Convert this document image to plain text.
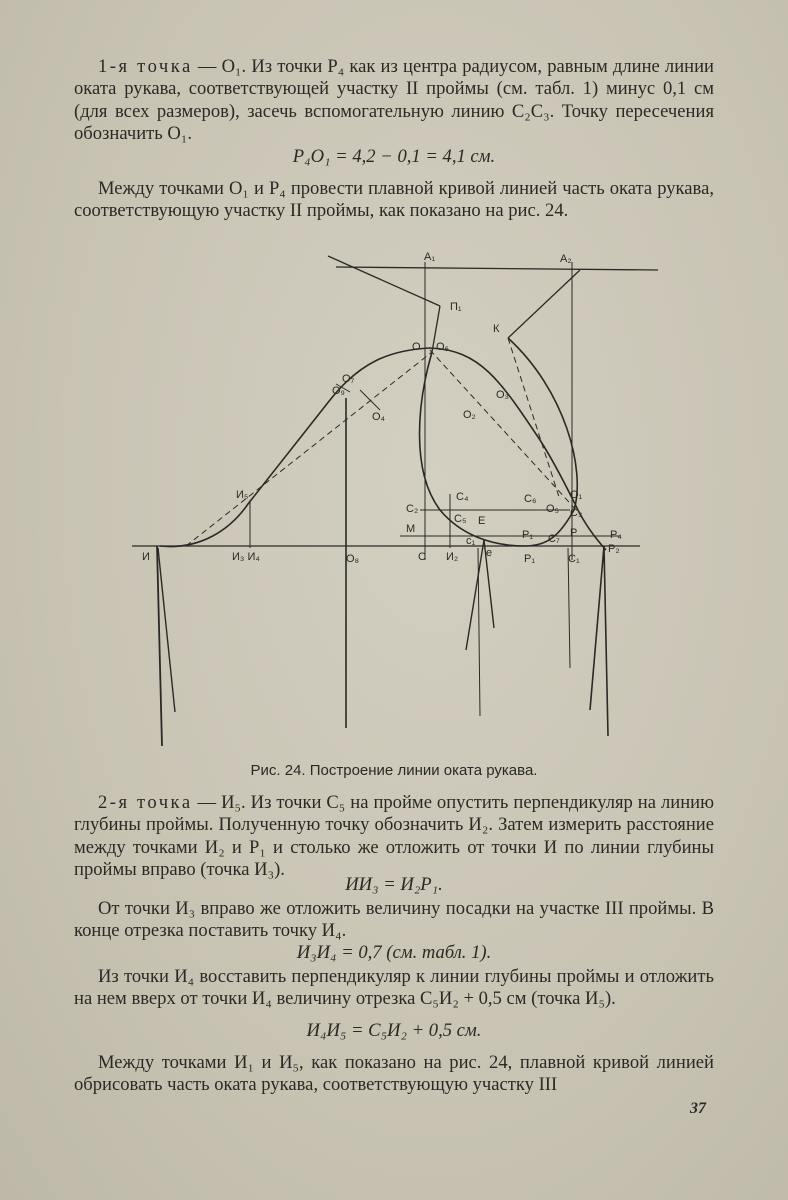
1-я точка — O₁. Из точки P₄ как из центра радиусом, равным длине линии оката рукава, соответствующей участку II проймы (см. табл. 1) минус 0,1 см (для всех размеров), засечь вспомогательную линию C₂C₃. Точку пересечения обозначить O₁.

P₄O₁ = 4,2 − 0,1 = 4,1 см.

Между точками O₁ и P₄ провести плавной кривой линией часть оката рукава, соответствующую участку II проймы, как показано на рис. 24.

A₁	A₂
П₁
К
O O₆
O₇
O₉
O₄
O₃
O₂
И₅
C₂
C₄	C₆	O₁
O₅ C₃
M
C₅ E
P₁ C₇ P	P₄
И	И₃ И₄	O₈	C И₂
c₁
e	P₁	C₁
P₂
Рис. 24. Построение линии оката рукава.

2-я точка — И₅. Из точки C₅ на пройме опустить перпендикуляр на линию глубины проймы. Полученную точку обозначить И₂. Затем измерить расстояние между точками И₂ и P₁ и столько же отложить от точки И по линии глубины проймы вправо (точка И₃).

ИИ₃ = И₂P₁.

От точки И₃ вправо же отложить величину посадки на участке III проймы. В конце отрезка поставить точку И₄.

И₃И₄ = 0,7 (см. табл. 1).

Из точки И₄ восставить перпендикуляр к линии глубины проймы и отложить на нем вверх от точки И₄ величину отрезка C₅И₂ + 0,5 см (точка И₅).

И₄И₅ = C₅И₂ + 0,5 см.

Между точками И₁ и И₅, как показано на рис. 24, плавной кривой линией обрисовать часть оката рукава, соответствующую участку III

37
